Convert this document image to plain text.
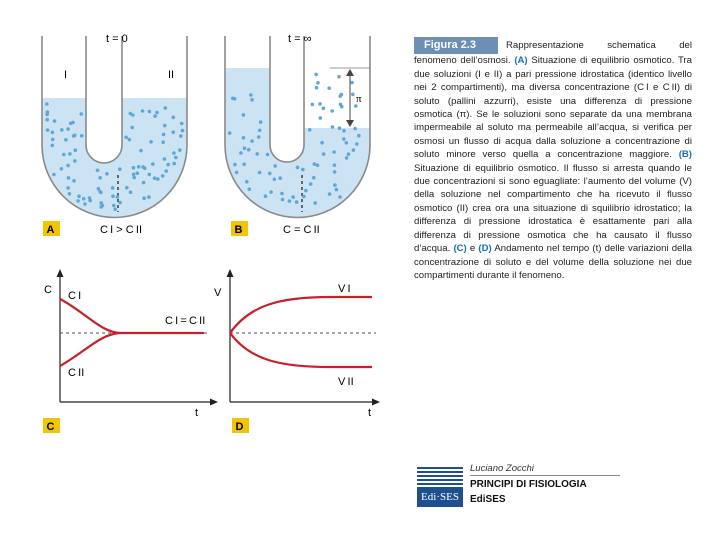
t = 0
I	II
A	C I > C II
t = ∞
π
B	C = C II
C
t
C I
C II
C I = C II
C
V
t
V I
V II
D
Figura 2.3	Rappresentazione schematica del fenomeno dell’osmosi. (A) Situazione di equilibrio osmotico. Tra due soluzioni (I e II) a pari pressione idrostatica (identico livello nei 2 compartimenti), ma diversa concentrazione (C I e C II) di soluto (pallini azzurri), esiste una differenza di pressione osmotica (π). Se le soluzioni sono separate da una membrana impermeabile al soluto ma permeabile all’acqua, si verifica per osmosi un flusso di acqua dalla soluzione a concentrazione di soluto minore verso quella a concentrazione maggiore. (B) Situazione di equilibrio osmotico. Il flusso si arresta quando le due concentrazioni si sono eguagliate: l’aumento del volume (V) della soluzione nel compartimento che ha ricevuto il flusso osmotico (II) crea ora una situazione di squilibrio idrostatico; la differenza di pressione idrostatica è esattamente pari alla differenza di pressione osmotica che ha causato il flusso d’acqua. (C) e (D) Andamento nel tempo (t) delle variazioni della concentrazione di soluto e del volume della soluzione nei due compartimenti durante il fenomeno.
Edi·SES
Luciano Zocchi
PRINCIPI DI FISIOLOGIA
EdiSES
